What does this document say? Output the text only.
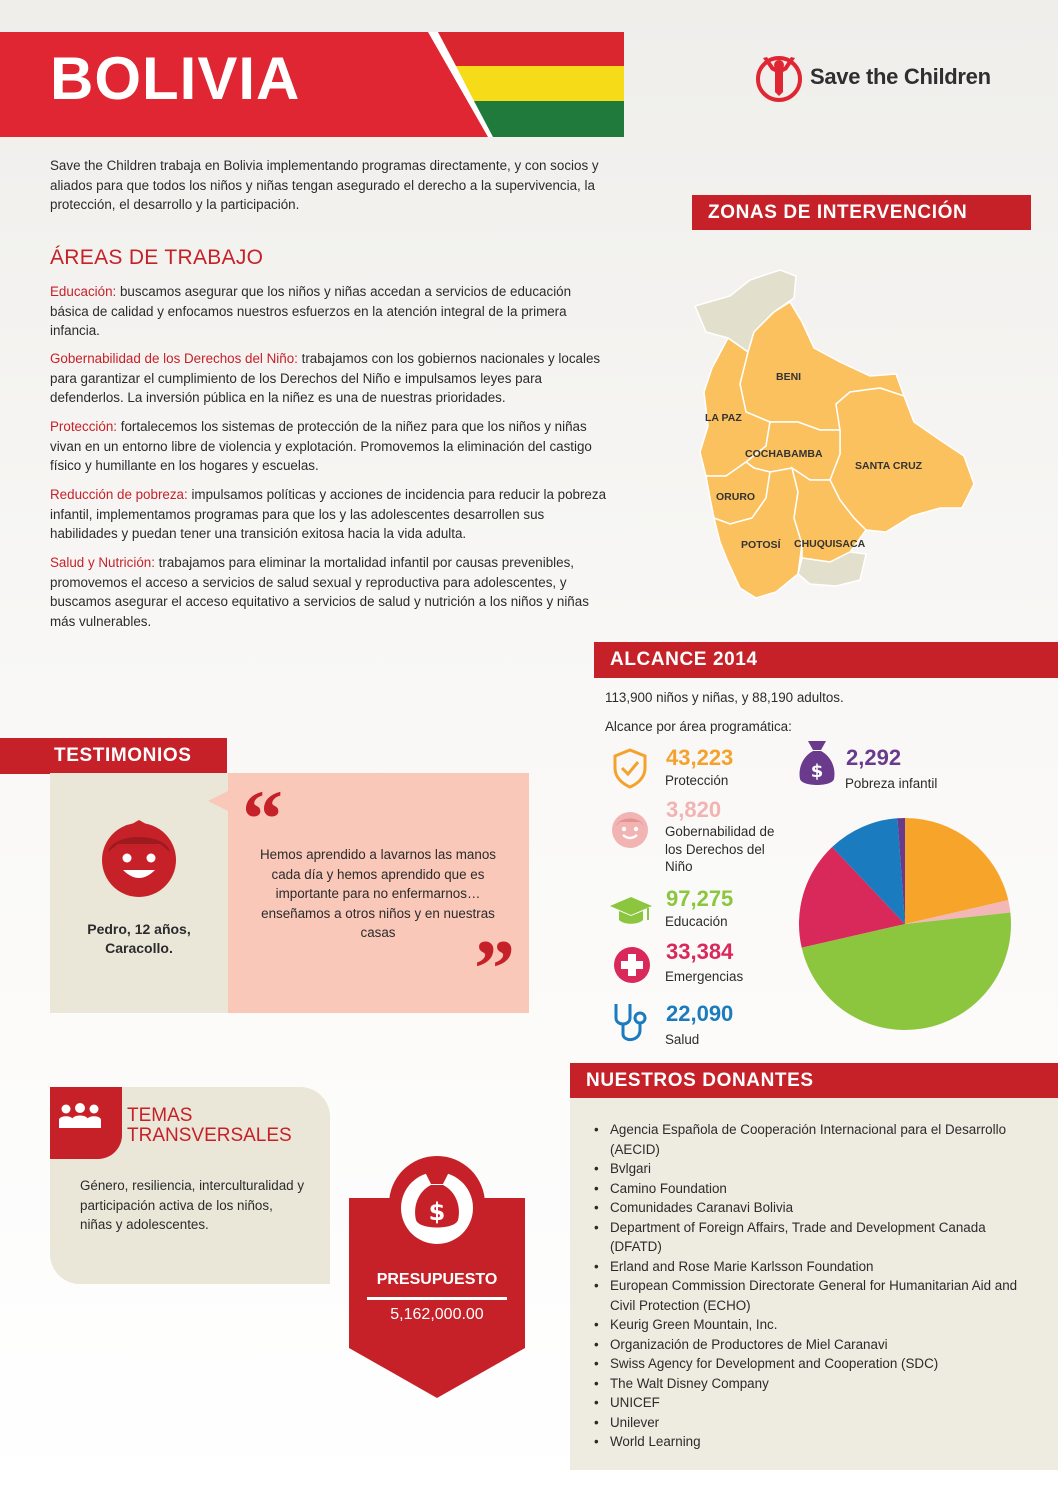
BOLIVIA	Save the Children

Save the Children trabaja en Bolivia implementando programas directamente, y con socios y aliados para que todos los niños y niñas tengan asegurado el derecho a la supervivencia, la protección, el desarrollo y la participación.

ÁREAS DE TRABAJO

Educación: buscamos asegurar que los niños y niñas accedan a servicios de educación básica de calidad y enfocamos nuestros esfuerzos en la atención integral de la primera infancia.

Gobernabilidad de los Derechos del Niño: trabajamos con los gobiernos nacionales y locales para garantizar el cumplimiento de los Derechos del Niño e impulsamos leyes para defenderlos. La inversión pública en la niñez es una de nuestras prioridades.

Protección: fortalecemos los sistemas de protección de la niñez para que los niños y niñas vivan en un entorno libre de violencia y explotación. Promovemos la eliminación del castigo físico y humillante en los hogares y escuelas.

Reducción de pobreza: impulsamos políticas y acciones de incidencia para reducir la pobreza infantil, implementamos programas para que los y las adolescentes desarrollen sus habilidades y puedan tener una transición exitosa hacia la vida adulta.

Salud y Nutrición: trabajamos para eliminar la mortalidad infantil por causas prevenibles, promovemos el acceso a servicios de salud sexual y reproductiva para adolescentes, y buscamos asegurar el acceso equitativo a servicios de salud y nutrición a los niños y niñas más vulnerables.

ZONAS DE INTERVENCIÓN
BENI
LA PAZ
COCHABAMBA
SANTA CRUZ
ORURO
POTOSÍ CHUQUISACA
ALCANCE 2014

113,900 niños y niñas, y 88,190 adultos.

Alcance por área programática:

$
43,223
Protección
2,292
Pobreza infantil
3,820
Gobernabilidad de los Derechos del Niño
97,275
Educación
33,384
Emergencias
22,090
Salud
TESTIMONIOS

Pedro, 12 años, Caracollo.

“

Hemos aprendido a lavarnos las manos cada día y hemos aprendido que es importante para no enfermarnos…enseñamos a otros niños y en nuestras casas ”

TEMAS TRANSVERSALES

Género, resiliencia, interculturalidad y participación activa de los niños, niñas y adolescentes.	$

PRESUPUESTO

5,162,000.00

NUESTROS DONANTES
• Agencia Española de Cooperación Internacional para el Desarrollo (AECID)
• Bvlgari
• Camino Foundation
• Comunidades Caranavi Bolivia
• Department of Foreign Affairs, Trade and Development Canada (DFATD)
• Erland and Rose Marie Karlsson Foundation
• European Commission Directorate General for Humanitarian Aid and Civil Protection (ECHO)
• Keurig Green Mountain, Inc.
• Organización de Productores de Miel Caranavi
• Swiss Agency for Development and Cooperation (SDC)
• The Walt Disney Company
• UNICEF
• Unilever
• World Learning
